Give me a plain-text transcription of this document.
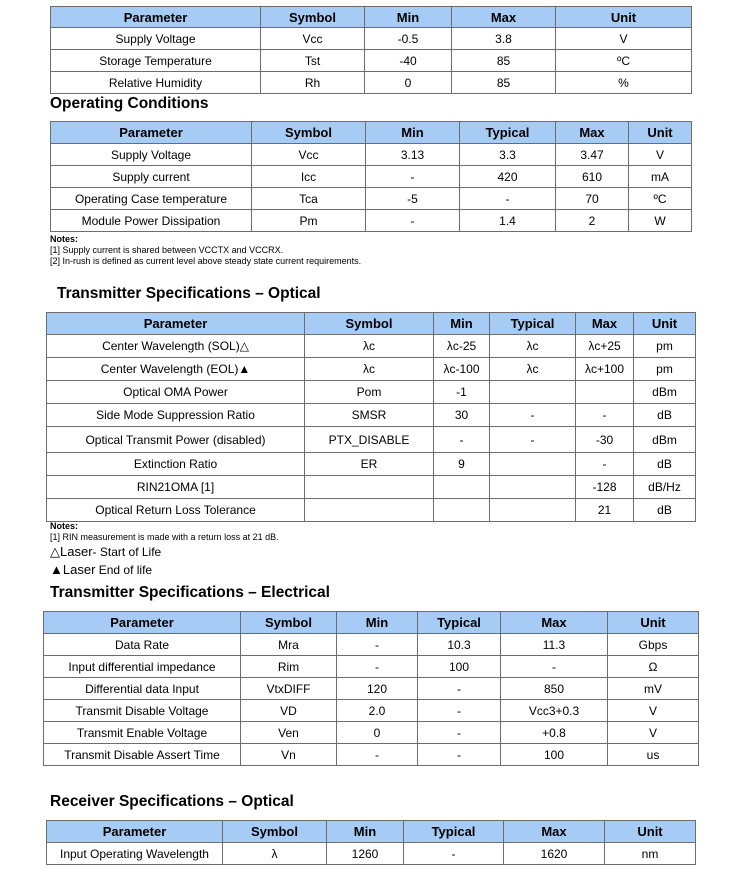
Parameter	Symbol	Min	Max	Unit
Supply Voltage	Vcc	-0.5	3.8	V
Storage Temperature	Tst	-40	85	ºC
Relative Humidity	Rh	0	85	%
Operating Conditions
Parameter	Symbol	Min	Typical	Max	Unit
Supply Voltage	Vcc	3.13	3.3	3.47	V
Supply current	Icc	-	420	610	mA
Operating Case temperature	Tca	-5	-	70	ºC
Module Power Dissipation	Pm	-	1.4	2	W
Notes:
[1] Supply current is shared between VCCTX and VCCRX.
[2] In-rush is defined as current level above steady state current requirements.
Transmitter Specifications – Optical
Parameter	Symbol	Min	Typical	Max	Unit
Center Wavelength (SOL)△	λc	λc-25	λc	λc+25	pm
Center Wavelength (EOL)▲	λc	λc-100	λc	λc+100	pm
Optical OMA Power	Pom	-1			dBm
Side Mode Suppression Ratio	SMSR	30	-	-	dB
Optical Transmit Power (disabled)	PTX_DISABLE	-	-	-30	dBm
Extinction Ratio	ER	9		-	dB
RIN21OMA [1]				-128	dB/Hz
Optical Return Loss Tolerance				21	dB
Notes:
[1] RIN measurement is made with a return loss at 21 dB.
△Laser- Start of Life
▲Laser End of life
Transmitter Specifications – Electrical
Parameter	Symbol	Min	Typical	Max	Unit
Data Rate	Mra	-	10.3	11.3	Gbps
Input differential impedance	Rim	-	100	-	Ω
Differential data Input	VtxDIFF	120	-	850	mV
Transmit Disable Voltage	VD	2.0	-	Vcc3+0.3	V
Transmit Enable Voltage	Ven	0	-	+0.8	V
Transmit Disable Assert Time	Vn	-	-	100	us
Receiver Specifications – Optical
Parameter	Symbol	Min	Typical	Max	Unit
Input Operating Wavelength	λ	1260	-	1620	nm
